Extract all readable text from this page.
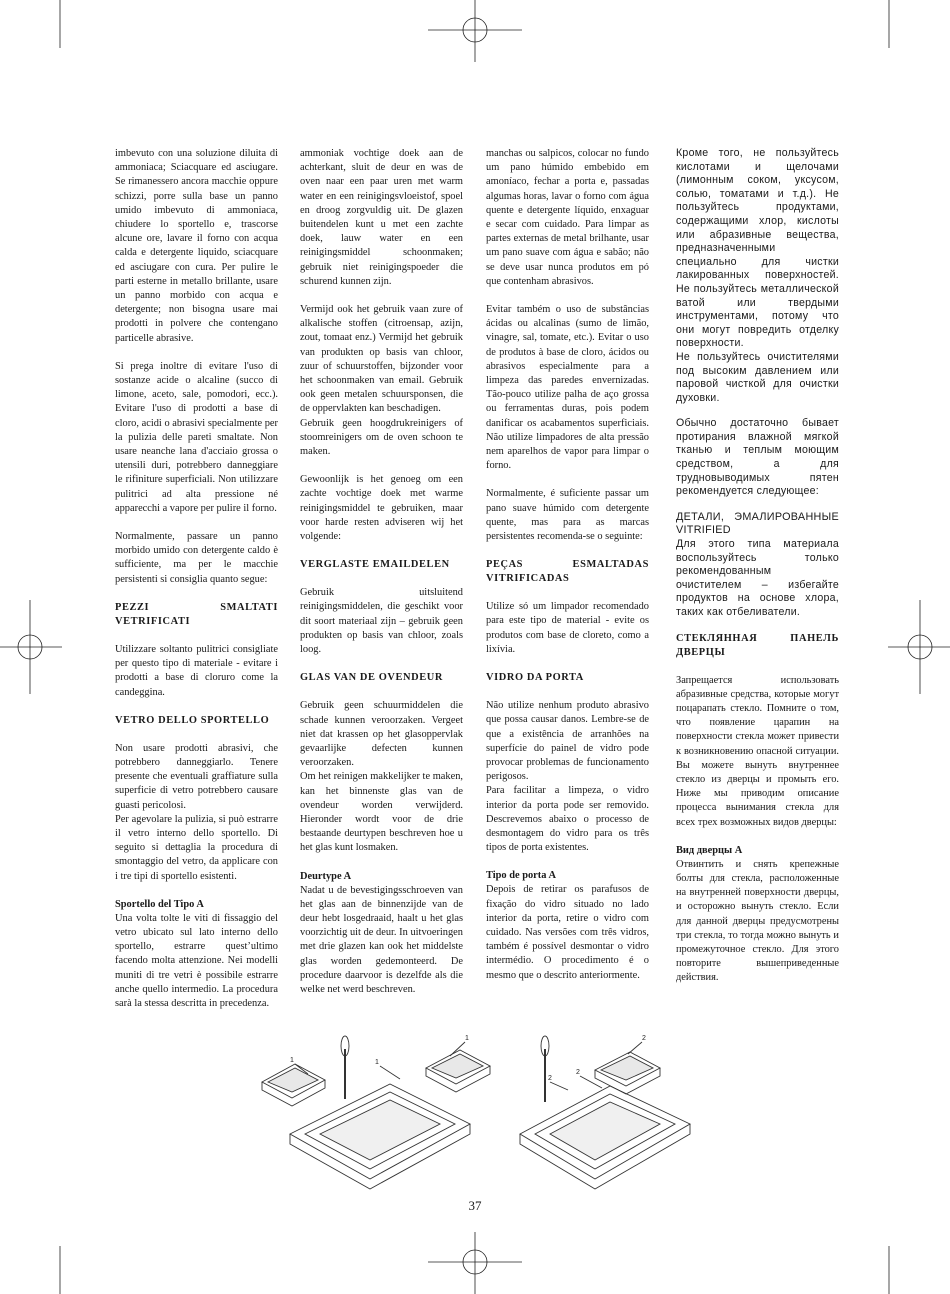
imbevuto con una soluzione diluita di ammoniaca; Sciacquare ed asciugare. Se rimanessero ancora macchie oppure schizzi, porre sulla base un panno umido imbevuto di ammoniaca, chiudere lo sportello e, trascorse alcune ore, lavare il forno con acqua calda e detergente liquido, sciacquare ed asciugare con cura. Per pulire le parti esterne in metallo brillante, usare un panno morbido con acqua e detergente; non bisogna usare mai prodotti in polvere che contengano particelle abrasive.

Si prega inoltre di evitare l'uso di sostanze acide o alcaline (succo di limone, aceto, sale, pomodori, ecc.). Evitare l'uso di prodotti a base di cloro, acidi o abrasivi specialmente per la pulizia delle pareti smaltate. Non usare neanche lana d'acciaio grossa o utensili duri, potrebbero danneggiare le rifiniture superficiali. Non utilizzare pulitrici ad alta pressione né apparecchi a vapore per pulire il forno.

Normalmente, passare un panno morbido umido con detergente caldo è sufficiente, ma per le macchie persistenti si consiglia quanto segue:

PEZZI SMALTATI VETRIFICATI

Utilizzare soltanto pulitrici consigliate per questo tipo di materiale - evitare i prodotti a base di cloruro come la candeggina.

VETRO DELLO SPORTELLO

Non usare prodotti abrasivi, che potrebbero danneggiarlo. Tenere presente che eventuali graffiature sulla superficie di vetro potrebbero causare guasti pericolosi.

Per agevolare la pulizia, si può estrarre il vetro interno dello sportello. Di seguito si dettaglia la procedura di smontaggio del vetro, da applicare con i tre tipi di sportello esistenti.

Sportello del Tipo A

Una volta tolte le viti di fissaggio del vetro ubicato sul lato interno dello sportello, estrarre quest’ultimo facendo molta attenzione. Nei modelli muniti di tre vetri è possibile estrarre anche quello intermedio. La procedura sarà la stessa descritta in precedenza.

ammoniak vochtige doek aan de achterkant, sluit de deur en was de oven naar een paar uren met warm water en een reinigingsvloeistof, spoel en droog zorgvuldig uit. De glazen buitendelen kunt u met een zachte doek, lauw water en een reinigingsmiddel schoonmaken; gebruik niet reinigingspoeder die schurend kunnen zijn.

Vermijd ook het gebruik vaan zure of alkalische stoffen (citroensap, azijn, zout, tomaat enz.) Vermijd het gebruik van produkten op basis van chloor, zuur of schuurstoffen, bijzonder voor het schoonmaken van email. Gebruik ook geen metalen schuursponsen, die de oppervlakten kan beschadigen.

Gebruik geen hoogdrukreinigers of stoomreinigers om de oven schoon te maken.

Gewoonlijk is het genoeg om een zachte vochtige doek met warme reinigingsmiddel te gebruiken, maar voor harde resten adviseren wij het volgende:

VERGLASTE EMAILDELEN

Gebruik uitsluitend reinigingsmiddelen, die geschikt voor dit soort materiaal zijn – gebruik geen produkten op basis van chloor, zoals loog.

GLAS VAN DE OVENDEUR

Gebruik geen schuurmiddelen die schade kunnen veroorzaken. Vergeet niet dat krassen op het glasoppervlak gevaarlijke defecten kunnen veroorzaken.

Om het reinigen makkelijker te maken, kan het binnenste glas van de ovendeur worden verwijderd. Hieronder wordt voor de drie bestaande deurtypen beschreven hoe u het glas kunt losmaken.

Deurtype A

Nadat u de bevestigingsschroeven van het glas aan de binnenzijde van de deur hebt losgedraaid, haalt u het glas voorzichtig uit de deur. In uitvoeringen met drie glazen kan ook het middelste glas worden gedemonteerd. De procedure daarvoor is dezelfde als die welke net werd beschreven.

manchas ou salpicos, colocar no fundo um pano húmido embebido em amoníaco, fechar a porta e, passadas algumas horas, lavar o forno com água quente e detergente líquido, enxaguar e secar com cuidado. Para limpar as partes externas de metal brilhante, usar um pano suave com água e sabão; não se deve usar nunca produtos em pó que contenham abrasivos.

Evitar também o uso de substâncias ácidas ou alcalinas (sumo de limão, vinagre, sal, tomate, etc.). Evitar o uso de produtos à base de cloro, ácidos ou abrasivos especialmente para a limpeza das paredes envernizadas. Tão-pouco utilize palha de aço grossa ou ferramentas duras, pois podem danificar os acabamentos superficiais. Não utilize limpadores de alta pressão nem aparelhos de vapor para limpar o forno.

Normalmente, é suficiente passar um pano suave húmido com detergente quente, mas para as marcas persistentes recomenda-se o seguinte:

PEÇAS ESMALTADAS VITRIFICADAS

Utilize só um limpador recomendado para este tipo de material - evite os produtos com base de cloreto, como a lixívia.

VIDRO DA PORTA

Não utilize nenhum produto abrasivo que possa causar danos. Lembre-se de que a existência de arranhões na superfície do painel de vidro pode provocar problemas de funcionamento perigosos.

Para facilitar a limpeza, o vidro interior da porta pode ser removido. Descrevemos abaixo o processo de desmontagem do vidro para os três tipos de porta existentes.

Tipo de porta A

Depois de retirar os parafusos de fixação do vidro situado no lado interior da porta, retire o vidro com cuidado. Nas versões com três vidros, também é possível desmontar o vidro intermédio. O procedimento é o mesmo que o descrito anteriormente.

Кроме того, не пользуйтесь кислотами и щелочами (лимонным соком, уксусом, солью, томатами и т.д.). Не пользуйтесь продуктами, содержащими хлор, кислоты или абразивные вещества, предназначенными специально для чистки лакированных поверхностей. Не пользуйтесь металлической ватой или твердыми инструментами, потому что они могут повредить отделку поверхности.

Не пользуйтесь очистителями под высоким давлением или паровой чисткой для очистки духовки.

Обычно достаточно бывает протирания влажной мягкой тканью и теплым моющим средством, а для трудновыводимых пятен рекомендуется следующее:

ДЕТАЛИ, ЭМАЛИРОВАННЫЕ VITRIFIED

Для этого типа материала воспользуйтесь только рекомендованным очистителем – избегайте продуктов на основе хлора, таких как отбеливатели.

СТЕКЛЯННАЯ ПАНЕЛЬ ДВЕРЦЫ

Запрещается использовать абразивные средства, которые могут поцарапать стекло. Помните о том, что появление царапин на поверхности стекла может привести к возникновению опасной ситуации. Вы можете вынуть внутреннее стекло из дверцы и промыть его. Ниже мы приводим описание процесса вынимания стекла для всех трех возможных видов дверцы:

Вид дверцы А

Отвинтить и снять крепежные болты для стекла, расположенные на внутренней поверхности дверцы, и осторожно вынуть стекло. Если для данной дверцы предусмотрены три стекла, то тогда можно вынуть и промежуточное стекло. Для этого повторите вышеприведенные действия.

1	1
1
2
2
2
37
